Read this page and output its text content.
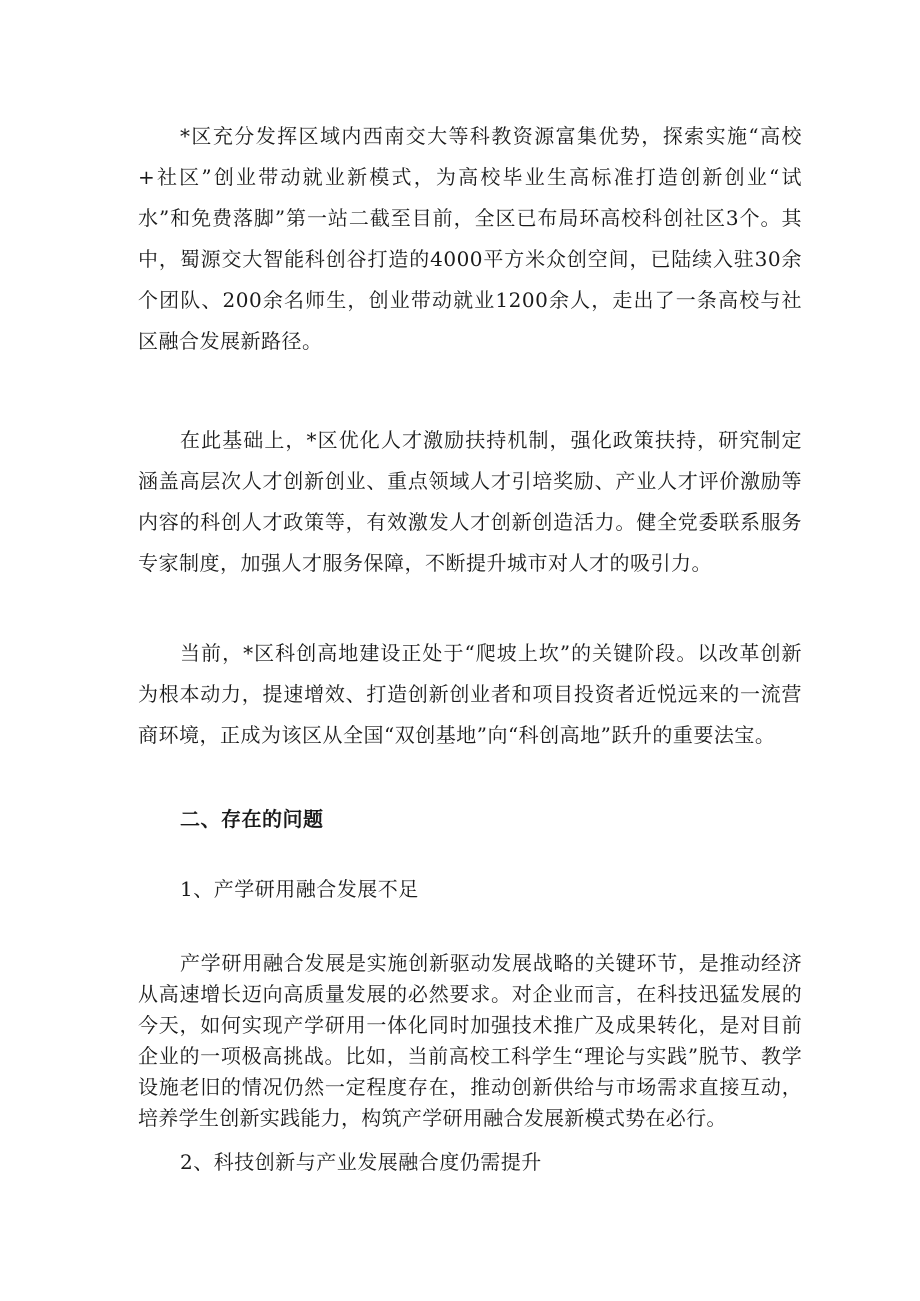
*区充分发挥区域内西南交大等科教资源富集优势，探索实施“高校+社区”创业带动就业新模式，为高校毕业生高标准打造创新创业“试水”和免费落脚”第一站二截至目前，全区已布局环高校科创社区3个。其中，蜀源交大智能科创谷打造的4000平方米众创空间，已陆续入驻30余个团队、200余名师生，创业带动就业1200余人，走出了一条高校与社区融合发展新路径。

在此基础上，*区优化人才激励扶持机制，强化政策扶持，研究制定涵盖高层次人才创新创业、重点领域人才引培奖励、产业人才评价激励等内容的科创人才政策等，有效激发人才创新创造活力。健全党委联系服务专家制度，加强人才服务保障，不断提升城市对人才的吸引力。

当前，*区科创高地建设正处于“爬坡上坎”的关键阶段。以改革创新为根本动力，提速增效、打造创新创业者和项目投资者近悦远来的一流营商环境，正成为该区从全国“双创基地”向“科创高地”跃升的重要法宝。

二、存在的问题
1、产学研用融合发展不足

产学研用融合发展是实施创新驱动发展战略的关键环节，是推动经济从高速增长迈向高质量发展的必然要求。对企业而言，在科技迅猛发展的今天，如何实现产学研用一体化同时加强技术推广及成果转化，是对目前企业的一项极高挑战。比如，当前高校工科学生“理论与实践”脱节、教学设施老旧的情况仍然一定程度存在，推动创新供给与市场需求直接互动，培养学生创新实践能力，构筑产学研用融合发展新模式势在必行。

2、科技创新与产业发展融合度仍需提升
